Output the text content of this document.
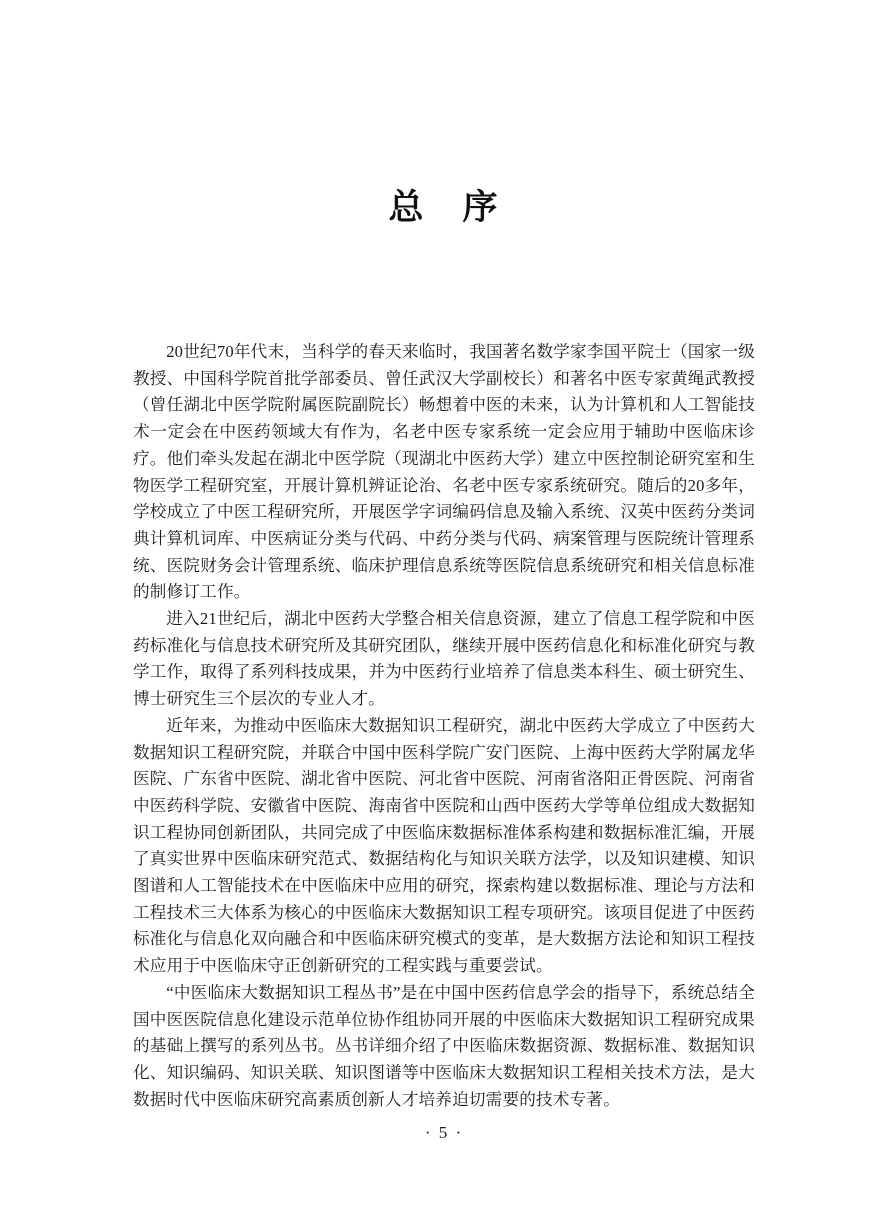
总　序

20世纪70年代末，当科学的春天来临时，我国著名数学家李国平院士（国家一级教授、中国科学院首批学部委员、曾任武汉大学副校长）和著名中医专家黄绳武教授（曾任湖北中医学院附属医院副院长）畅想着中医的未来，认为计算机和人工智能技术一定会在中医药领域大有作为，名老中医专家系统一定会应用于辅助中医临床诊疗。他们牵头发起在湖北中医学院（现湖北中医药大学）建立中医控制论研究室和生物医学工程研究室，开展计算机辨证论治、名老中医专家系统研究。随后的20多年，学校成立了中医工程研究所，开展医学字词编码信息及输入系统、汉英中医药分类词典计算机词库、中医病证分类与代码、中药分类与代码、病案管理与医院统计管理系统、医院财务会计管理系统、临床护理信息系统等医院信息系统研究和相关信息标准的制修订工作。

进入21世纪后，湖北中医药大学整合相关信息资源，建立了信息工程学院和中医药标准化与信息技术研究所及其研究团队，继续开展中医药信息化和标准化研究与教学工作，取得了系列科技成果，并为中医药行业培养了信息类本科生、硕士研究生、博士研究生三个层次的专业人才。

近年来，为推动中医临床大数据知识工程研究，湖北中医药大学成立了中医药大数据知识工程研究院，并联合中国中医科学院广安门医院、上海中医药大学附属龙华医院、广东省中医院、湖北省中医院、河北省中医院、河南省洛阳正骨医院、河南省中医药科学院、安徽省中医院、海南省中医院和山西中医药大学等单位组成大数据知识工程协同创新团队，共同完成了中医临床数据标准体系构建和数据标准汇编，开展了真实世界中医临床研究范式、数据结构化与知识关联方法学，以及知识建模、知识图谱和人工智能技术在中医临床中应用的研究，探索构建以数据标准、理论与方法和工程技术三大体系为核心的中医临床大数据知识工程专项研究。该项目促进了中医药标准化与信息化双向融合和中医临床研究模式的变革，是大数据方法论和知识工程技术应用于中医临床守正创新研究的工程实践与重要尝试。

“中医临床大数据知识工程丛书”是在中国中医药信息学会的指导下，系统总结全国中医医院信息化建设示范单位协作组协同开展的中医临床大数据知识工程研究成果的基础上撰写的系列丛书。丛书详细介绍了中医临床数据资源、数据标准、数据知识化、知识编码、知识关联、知识图谱等中医临床大数据知识工程相关技术方法，是大数据时代中医临床研究高素质创新人才培养迫切需要的技术专著。

· 5 ·
